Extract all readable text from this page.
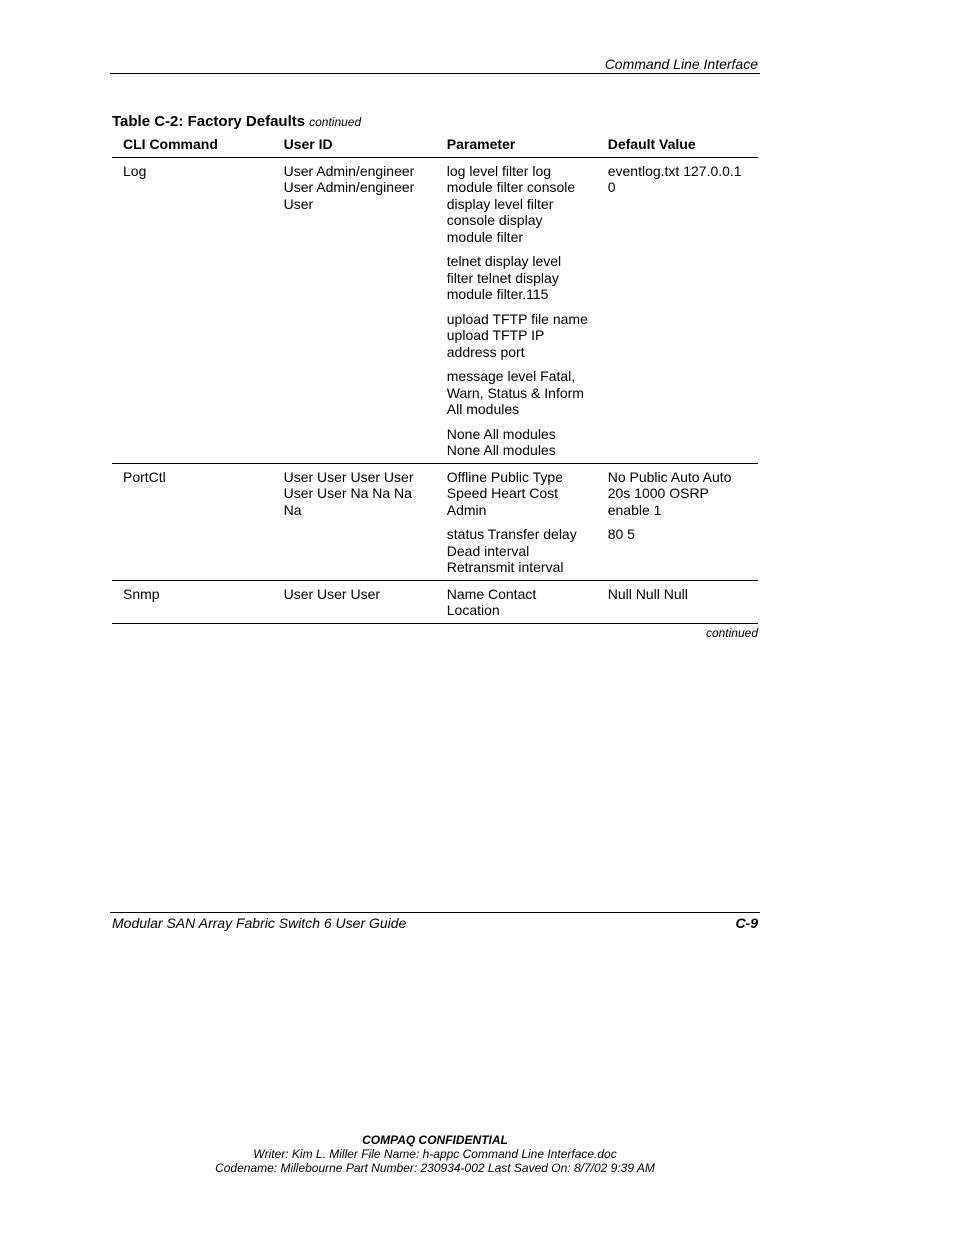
Command Line Interface
Table C-2: Factory Defaults continued
CLI Command	User ID	Parameter	Default Value
Log	User Admin/engineer User Admin/engineer User	log level filter log module filter console display level filter console display module filter	eventlog.txt 127.0.0.1 0
		telnet display level filter telnet display module filter.115	
		upload TFTP file name upload TFTP IP address port	
		message level Fatal, Warn, Status & Inform All modules	
		None All modules None All modules	
PortCtl	User User User User User User Na Na Na Na	Offline Public Type Speed Heart Cost Admin	No Public Auto Auto 20s 1000 OSRP enable 1
		status Transfer delay Dead interval Retransmit interval	80 5
Snmp	User User User	Name Contact Location	Null Null Null
continued
Modular SAN Array Fabric Switch 6 User Guide	C-9
COMPAQ CONFIDENTIAL
Writer: Kim L. Miller File Name: h-appc Command Line Interface.doc
Codename: Millebourne Part Number: 230934-002 Last Saved On: 8/7/02 9:39 AM
